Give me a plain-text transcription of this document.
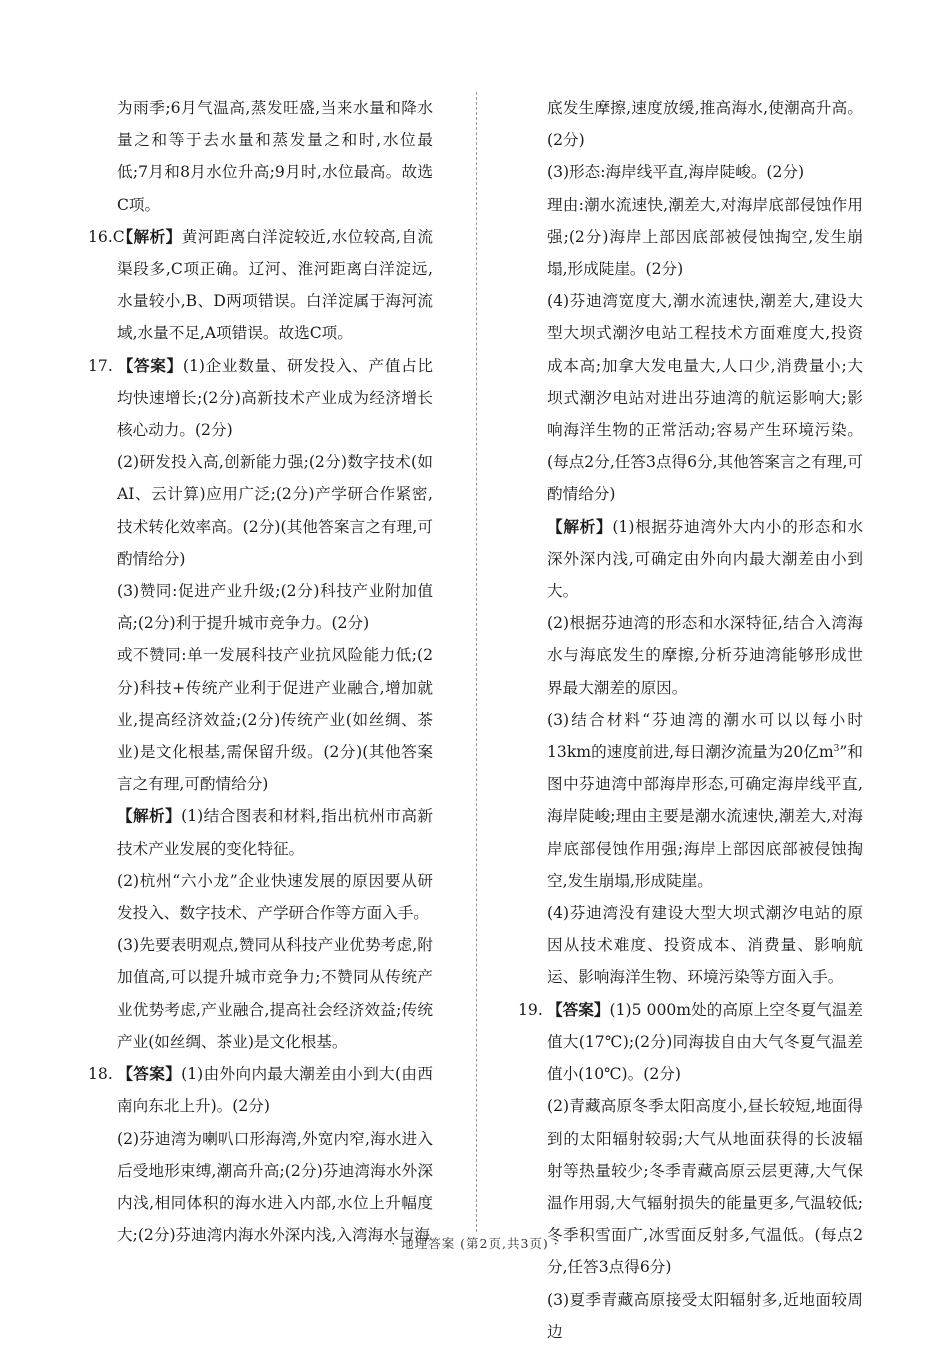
为雨季;6月气温高,蒸发旺盛,当来水量和降水量之和等于去水量和蒸发量之和时,水位最低;7月和8月水位升高;9月时,水位最高。故选C项。

16.C【解析】黄河距离白洋淀较近,水位较高,自流渠段多,C项正确。辽河、淮河距离白洋淀远,水量较小,B、D两项错误。白洋淀属于海河流域,水量不足,A项错误。故选C项。

17. 【答案】(1)企业数量、研发投入、产值占比均快速增长;(2分)高新技术产业成为经济增长核心动力。(2分)

(2)研发投入高,创新能力强;(2分)数字技术(如AI、云计算)应用广泛;(2分)产学研合作紧密,技术转化效率高。(2分)(其他答案言之有理,可酌情给分)

(3)赞同:促进产业升级;(2分)科技产业附加值高;(2分)利于提升城市竞争力。(2分)

或不赞同:单一发展科技产业抗风险能力低;(2分)科技+传统产业利于促进产业融合,增加就业,提高经济效益;(2分)传统产业(如丝绸、茶业)是文化根基,需保留升级。(2分)(其他答案言之有理,可酌情给分)

【解析】(1)结合图表和材料,指出杭州市高新技术产业发展的变化特征。

(2)杭州“六小龙”企业快速发展的原因要从研发投入、数字技术、产学研合作等方面入手。

(3)先要表明观点,赞同从科技产业优势考虑,附加值高,可以提升城市竞争力;不赞同从传统产业优势考虑,产业融合,提高社会经济效益;传统产业(如丝绸、茶业)是文化根基。

18. 【答案】(1)由外向内最大潮差由小到大(由西南向东北上升)。(2分)

(2)芬迪湾为喇叭口形海湾,外宽内窄,海水进入后受地形束缚,潮高升高;(2分)芬迪湾海水外深内浅,相同体积的海水进入内部,水位上升幅度大;(2分)芬迪湾内海水外深内浅,入湾海水与海

底发生摩擦,速度放缓,推高海水,使潮高升高。(2分)

(3)形态:海岸线平直,海岸陡峻。(2分)

理由:潮水流速快,潮差大,对海岸底部侵蚀作用强;(2分)海岸上部因底部被侵蚀掏空,发生崩塌,形成陡崖。(2分)

(4)芬迪湾宽度大,潮水流速快,潮差大,建设大型大坝式潮汐电站工程技术方面难度大,投资成本高;加拿大发电量大,人口少,消费量小;大坝式潮汐电站对进出芬迪湾的航运影响大;影响海洋生物的正常活动;容易产生环境污染。(每点2分,任答3点得6分,其他答案言之有理,可酌情给分)

【解析】(1)根据芬迪湾外大内小的形态和水深外深内浅,可确定由外向内最大潮差由小到大。

(2)根据芬迪湾的形态和水深特征,结合入湾海水与海底发生的摩擦,分析芬迪湾能够形成世界最大潮差的原因。

(3)结合材料“芬迪湾的潮水可以以每小时13km的速度前进,每日潮汐流量为20亿$m^3$”和图中芬迪湾中部海岸形态,可确定海岸线平直,海岸陡峻;理由主要是潮水流速快,潮差大,对海岸底部侵蚀作用强;海岸上部因底部被侵蚀掏空,发生崩塌,形成陡崖。

(4)芬迪湾没有建设大型大坝式潮汐电站的原因从技术难度、投资成本、消费量、影响航运、影响海洋生物、环境污染等方面入手。

19. 【答案】(1)5 000m处的高原上空冬夏气温差值大(17℃);(2分)同海拔自由大气冬夏气温差值小(10℃)。(2分)

(2)青藏高原冬季太阳高度小,昼长较短,地面得到的太阳辐射较弱;大气从地面获得的长波辐射等热量较少;冬季青藏高原云层更薄,大气保温作用弱,大气辐射损失的能量更多,气温较低;冬季积雪面广,冰雪面反射多,气温低。(每点2分,任答3点得6分)

(3)夏季青藏高原接受太阳辐射多,近地面较周边

· 地理答案 (第2页,共3页) ·
